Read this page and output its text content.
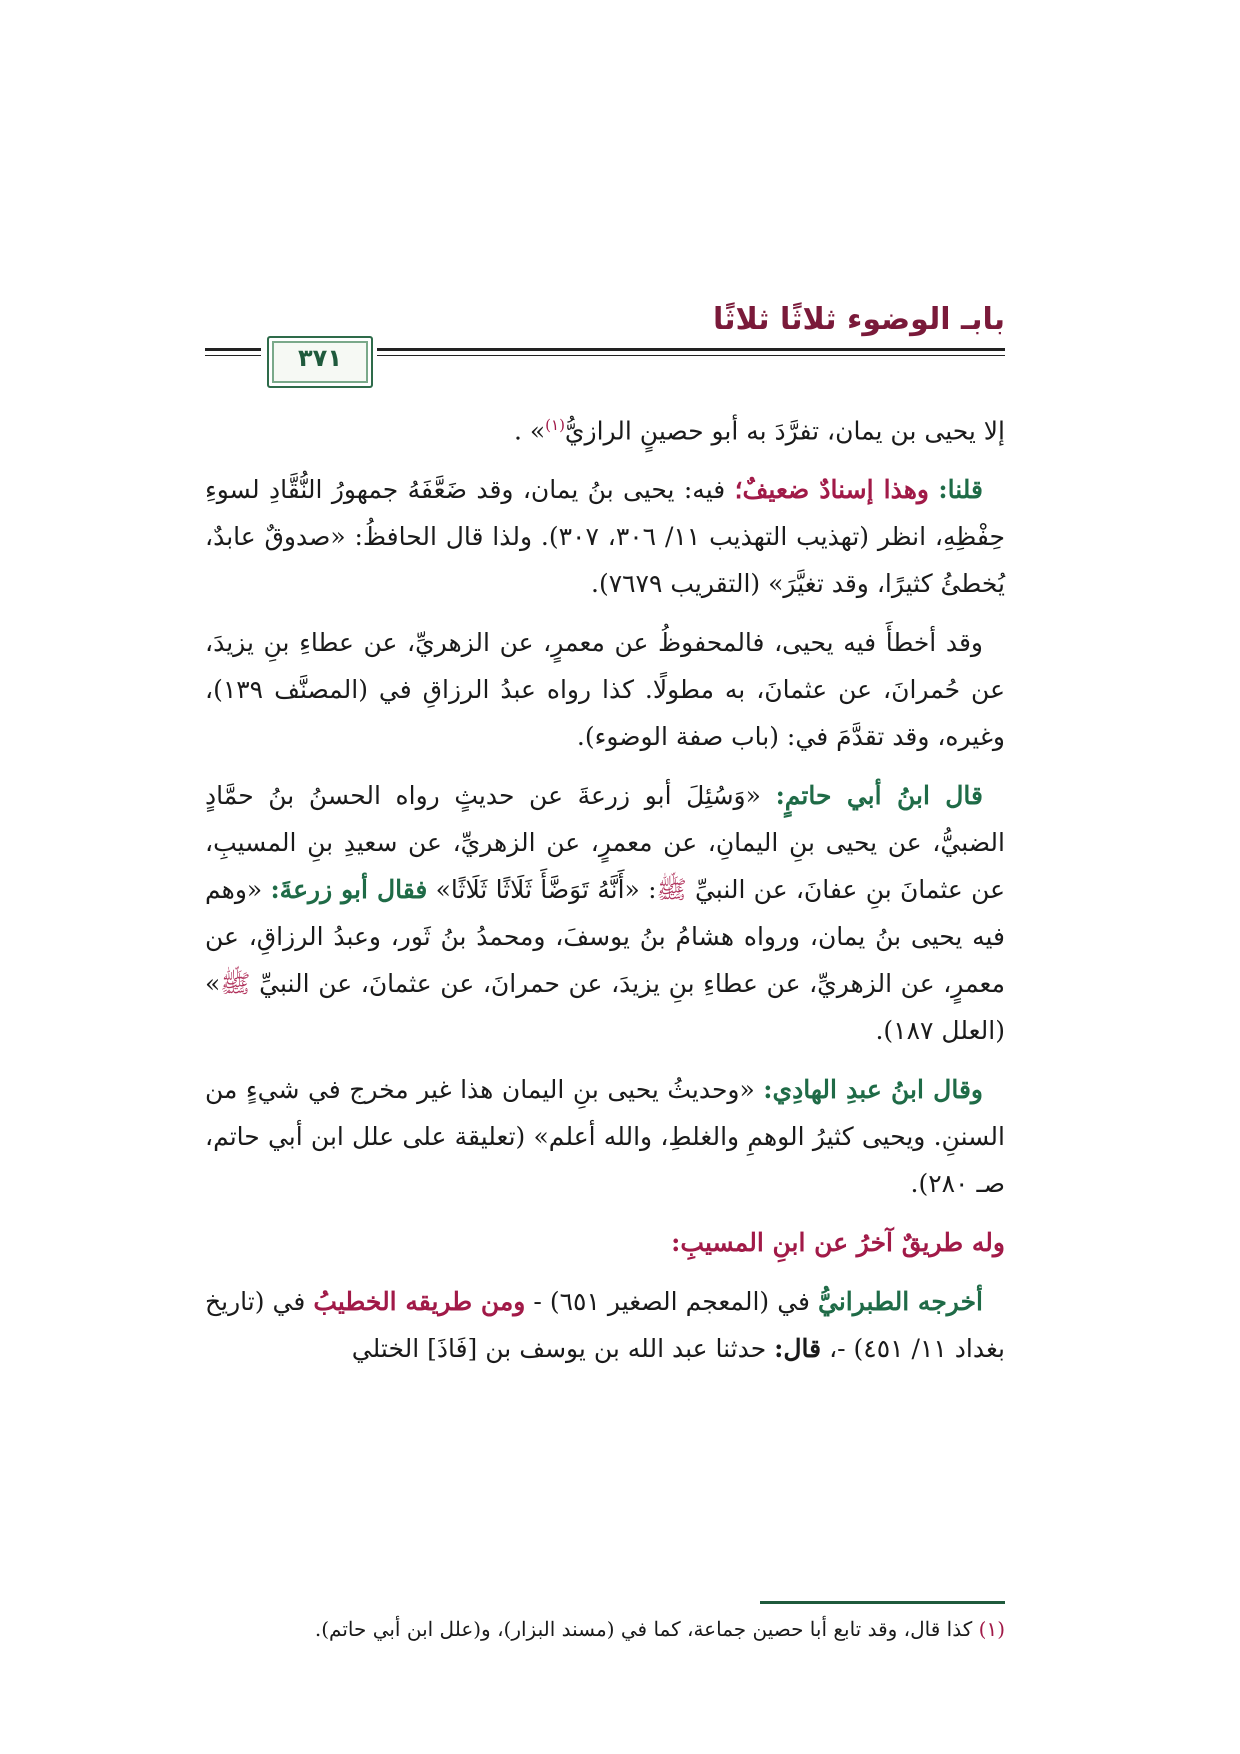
بابـ الوضوء ثلاثًا ثلاثًا
٣٧١

إلا يحيى بن يمان، تفرَّدَ به أبو حصينٍ الرازيُّ$^{(١)}$» .

قلنا: وهذا إسنادٌ ضعيفٌ؛ فيه: يحيى بنُ يمان، وقد ضَعَّفَهُ جمهورُ النُّقَّادِ لسوءِ حِفْظِهِ، انظر (تهذيب التهذيب ١١/ ٣٠٦، ٣٠٧). ولذا قال الحافظُ: «صدوقٌ عابدٌ، يُخطئُ كثيرًا، وقد تغيَّرَ» (التقريب ٧٦٧٩).

وقد أخطأَ فيه يحيى، فالمحفوظُ عن معمرٍ، عن الزهريِّ، عن عطاءِ بنِ يزيدَ، عن حُمرانَ، عن عثمانَ، به مطولًا. كذا رواه عبدُ الرزاقِ في (المصنَّف ١٣٩)، وغيره، وقد تقدَّمَ في: (باب صفة الوضوء).

قال ابنُ أبي حاتمٍ: «وَسُئِلَ أبو زرعةَ عن حديثٍ رواه الحسنُ بنُ حمَّادٍ الضبيُّ، عن يحيى بنِ اليمانِ، عن معمرٍ، عن الزهريِّ، عن سعيدِ بنِ المسيبِ، عن عثمانَ بنِ عفانَ، عن النبيِّ ﷺ: «أَنَّهُ تَوَضَّأَ ثَلَاثًا ثَلَاثًا» فقال أبو زرعةَ: «وهم فيه يحيى بنُ يمان، ورواه هشامُ بنُ يوسفَ، ومحمدُ بنُ ثَور، وعبدُ الرزاقِ، عن معمرٍ، عن الزهريِّ، عن عطاءِ بنِ يزيدَ، عن حمرانَ، عن عثمانَ، عن النبيِّ ﷺ» (العلل ١٨٧).

وقال ابنُ عبدِ الهادِي: «وحديثُ يحيى بنِ اليمان هذا غير مخرج في شيءٍ من السننِ. ويحيى كثيرُ الوهمِ والغلطِ، والله أعلم» (تعليقة على علل ابن أبي حاتم، صـ ٢٨٠).

وله طريقٌ آخرُ عن ابنِ المسيبِ:

أخرجه الطبرانيُّ في (المعجم الصغير ٦٥١) - ومن طريقه الخطيبُ في (تاريخ بغداد ١١/ ٤٥١) -، قال: حدثنا عبد الله بن يوسف بن [فَاذَ] الختلي

(١) كذا قال، وقد تابع أبا حصين جماعة، كما في (مسند البزار)، و(علل ابن أبي حاتم).
